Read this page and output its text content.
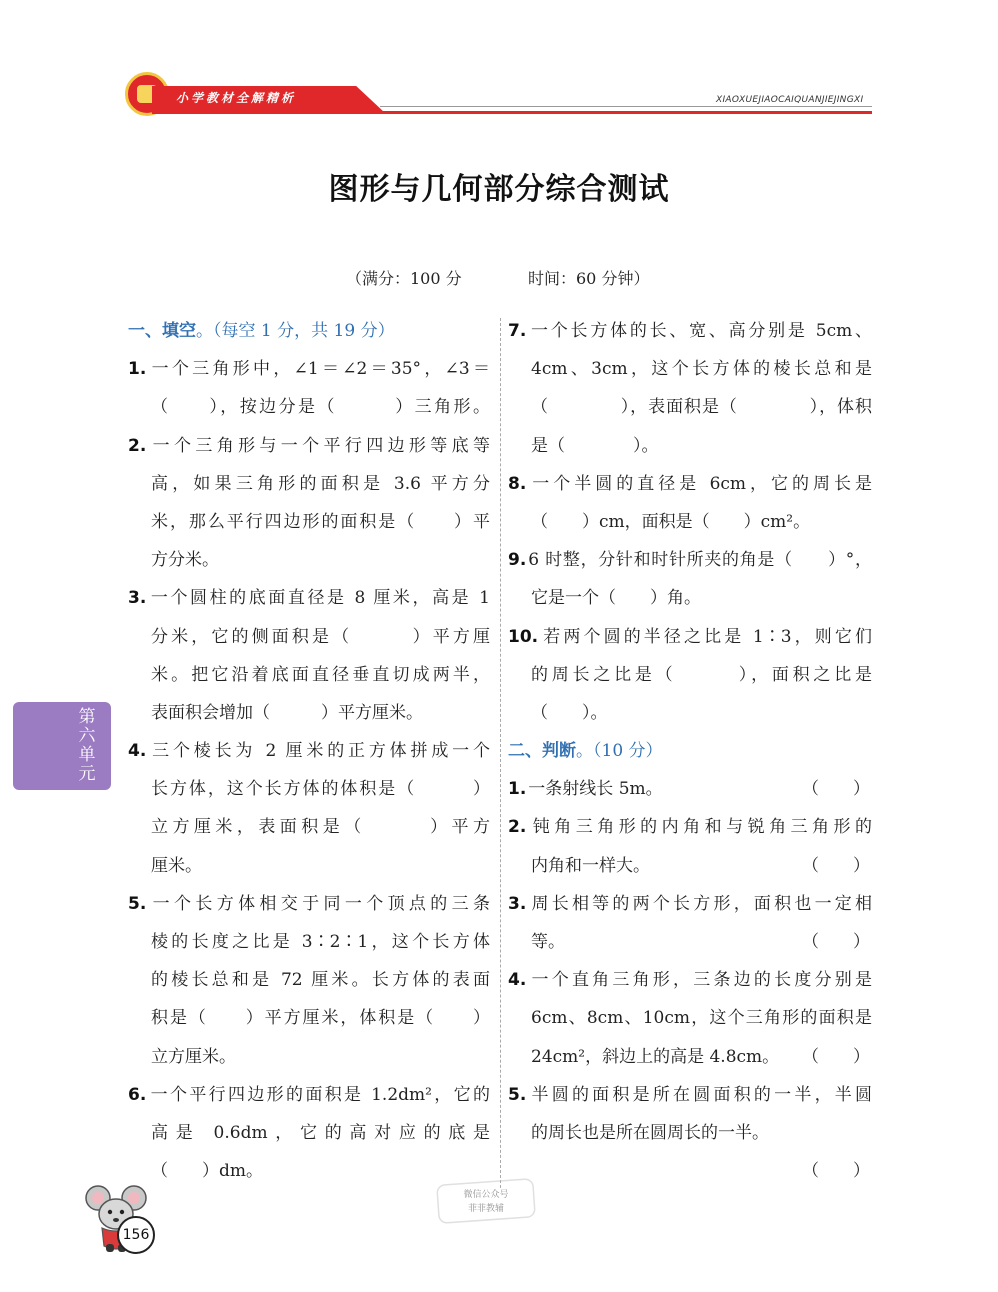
小学教材全解精析	XIAOXUEJIAOCAIQUANJIEJINGXI
图形与几何部分综合测试
（满分：100 分	时间：60 分钟）
一、填空。（每空 1 分，共 19 分）
1. 一个三角形中，∠1＝∠2＝35°，∠3＝
（　　），按边分是（　　　）三角形。
2. 一个三角形与一个平行四边形等底等
高，如果三角形的面积是 3.6 平方分
米，那么平行四边形的面积是（　　）平
方分米。
3. 一个圆柱的底面直径是 8 厘米，高是 1
分米，它的侧面积是（　　　）平方厘
米。把它沿着底面直径垂直切成两半，
表面积会增加（　　　）平方厘米。
4. 三个棱长为 2 厘米的正方体拼成一个
长方体，这个长方体的体积是（　　　）
立方厘米，表面积是（　　　）平方
厘米。
5. 一个长方体相交于同一个顶点的三条
棱的长度之比是 3∶2∶1，这个长方体
的棱长总和是 72 厘米。长方体的表面
积是（　　）平方厘米，体积是（　　）
立方厘米。
6. 一个平行四边形的面积是 1.2dm²，它的
高是 0.6dm，它的高对应的底是
（　　）dm。
7. 一个长方体的长、宽、高分别是 5cm、
4cm、3cm，这个长方体的棱长总和是
（　　　　），表面积是（　　　　），体积
是（　　　　）。
8. 一个半圆的直径是 6cm，它的周长是
（　　）cm，面积是（　　）cm²。
9. 6 时整，分针和时针所夹的角是（　　）°，
它是一个（　　）角。
10. 若两个圆的半径之比是 1∶3，则它们
的周长之比是（　　　），面积之比是
（　　）。
二、判断。（10 分）
1. 一条射线长 5m。	（　　）
2. 钝角三角形的内角和与锐角三角形的
内角和一样大。	（　　）
3. 周长相等的两个长方形，面积也一定相
等。	（　　）
4. 一个直角三角形，三条边的长度分别是
6cm、8cm、10cm，这个三角形的面积是
24cm²，斜边上的高是 4.8cm。 （　　）
5. 半圆的面积是所在圆面积的一半，半圆
的周长也是所在圆周长的一半。
（　　）
第
六
单
元
156
微信公众号
菲菲教辅
